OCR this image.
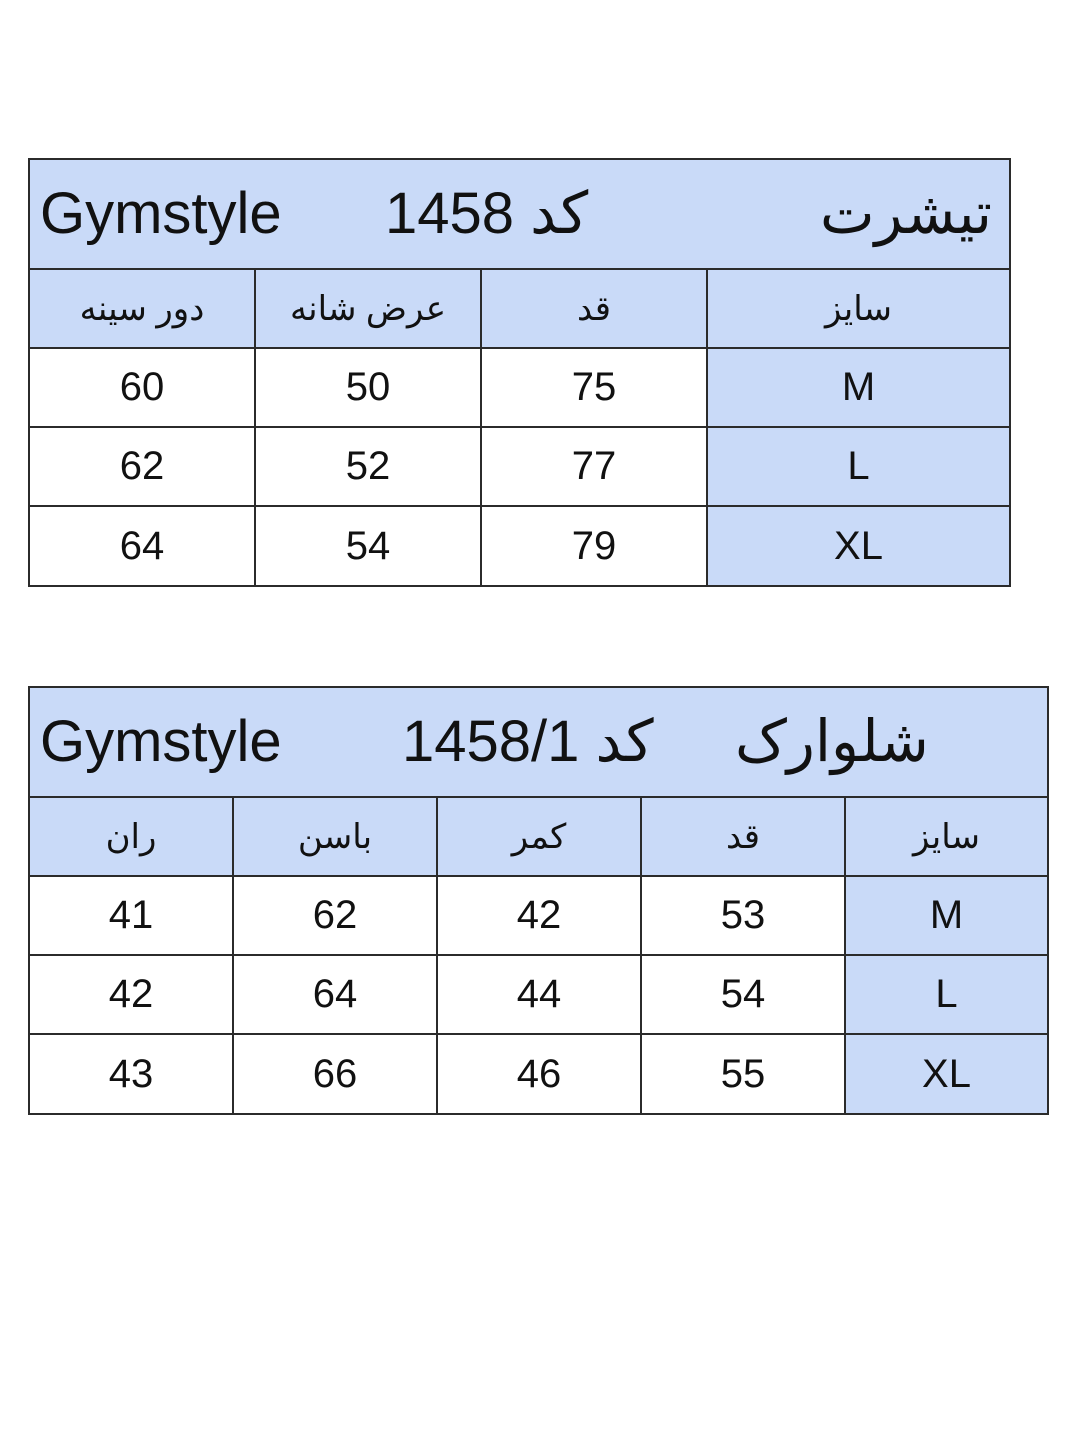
Gymstyle کد 1458	تیشرت
دور سینه	عرض شانه	قد	سایز
60	50	75	M
62	52	77	L
64	54	79	XL
Gymstyle کد 1458/1 شلوارک
ران	باسن	کمر	قد	سایز
41	62	42	53	M
42	64	44	54	L
43	66	46	55	XL
